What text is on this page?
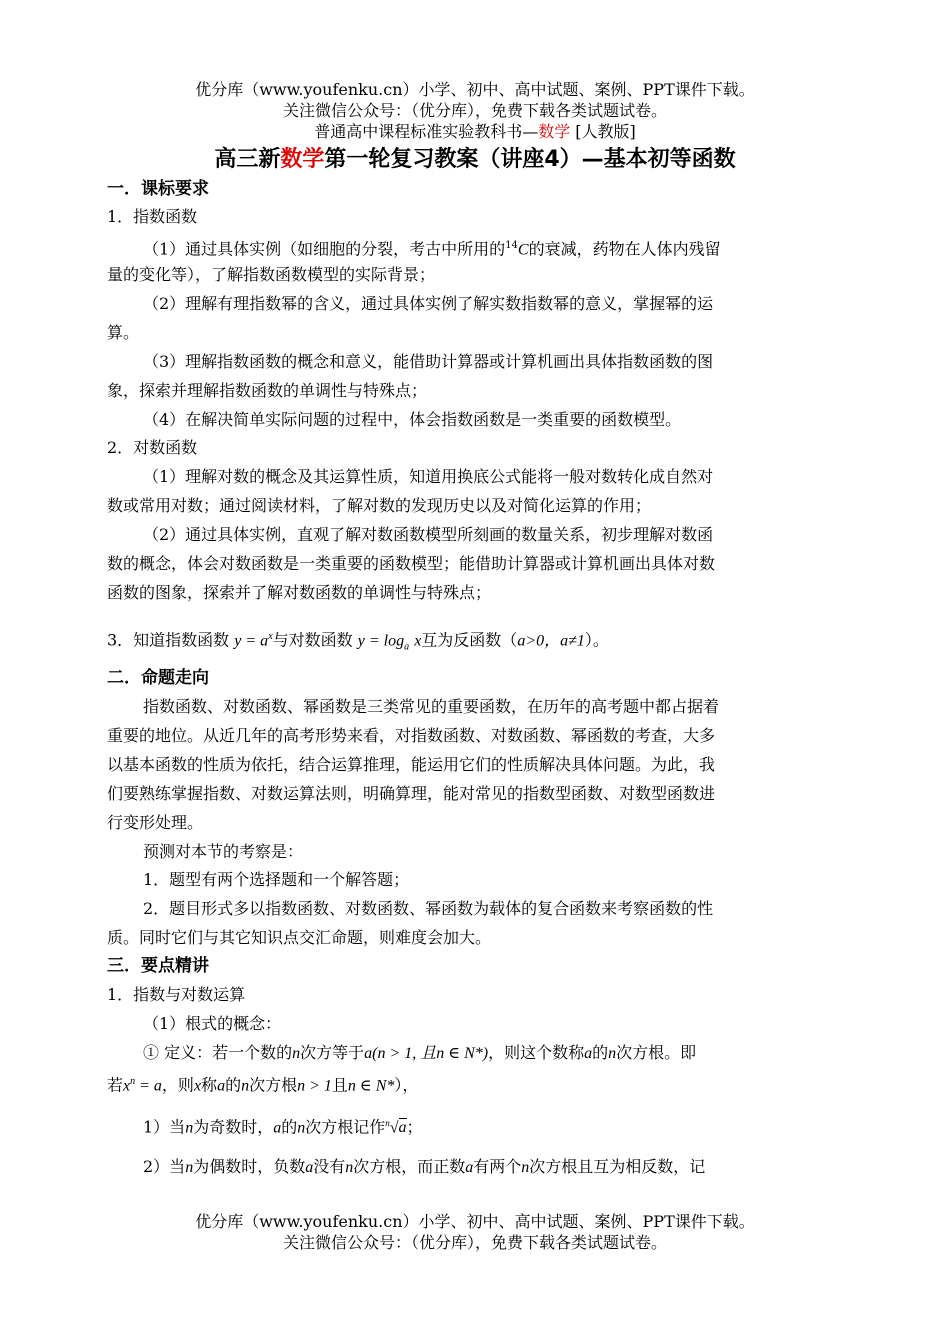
优分库（www.youfenku.cn）小学、初中、高中试题、案例、PPT课件下载。
关注微信公众号：（优分库），免费下载各类试题试卷。
普通高中课程标准实验教科书—数学 [人教版]
高三新数学第一轮复习教案（讲座4）—基本初等函数
一．课标要求
1．指数函数
（1）通过具体实例（如细胞的分裂，考古中所用的$^{14}$C的衰减，药物在人体内残留
量的变化等），了解指数函数模型的实际背景；
（2）理解有理指数幂的含义，通过具体实例了解实数指数幂的意义，掌握幂的运
算。
（3）理解指数函数的概念和意义，能借助计算器或计算机画出具体指数函数的图
象，探索并理解指数函数的单调性与特殊点；
（4）在解决简单实际问题的过程中，体会指数函数是一类重要的函数模型。
2．对数函数
（1）理解对数的概念及其运算性质，知道用换底公式能将一般对数转化成自然对
数或常用对数；通过阅读材料，了解对数的发现历史以及对简化运算的作用；
（2）通过具体实例，直观了解对数函数模型所刻画的数量关系，初步理解对数函
数的概念，体会对数函数是一类重要的函数模型；能借助计算器或计算机画出具体对数
函数的图象，探索并了解对数函数的单调性与特殊点；
3．知道指数函数 $y = a^x$与对数函数 $y = \log_a x$互为反函数（a>0，a≠1）。
二．命题走向
指数函数、对数函数、幂函数是三类常见的重要函数，在历年的高考题中都占据着
重要的地位。从近几年的高考形势来看，对指数函数、对数函数、幂函数的考查，大多
以基本函数的性质为依托，结合运算推理，能运用它们的性质解决具体问题。为此，我
们要熟练掌握指数、对数运算法则，明确算理，能对常见的指数型函数、对数型函数进
行变形处理。
预测对本节的考察是：
1．题型有两个选择题和一个解答题；
2．题目形式多以指数函数、对数函数、幂函数为载体的复合函数来考察函数的性
质。同时它们与其它知识点交汇命题，则难度会加大。
三．要点精讲
1．指数与对数运算
（1）根式的概念：
① 定义：若一个数的n次方等于a(n > 1, 且n ∈ N*)，则这个数称a的n次方根。即
若$x^n = a$，则x称a的n次方根n > 1且n ∈ N*），
1）当n为奇数时，a的n次方根记作$^n$√a；
2）当n为偶数时，负数a没有n次方根，而正数a有两个n次方根且互为相反数，记
优分库（www.youfenku.cn）小学、初中、高中试题、案例、PPT课件下载。
关注微信公众号：（优分库），免费下载各类试题试卷。
